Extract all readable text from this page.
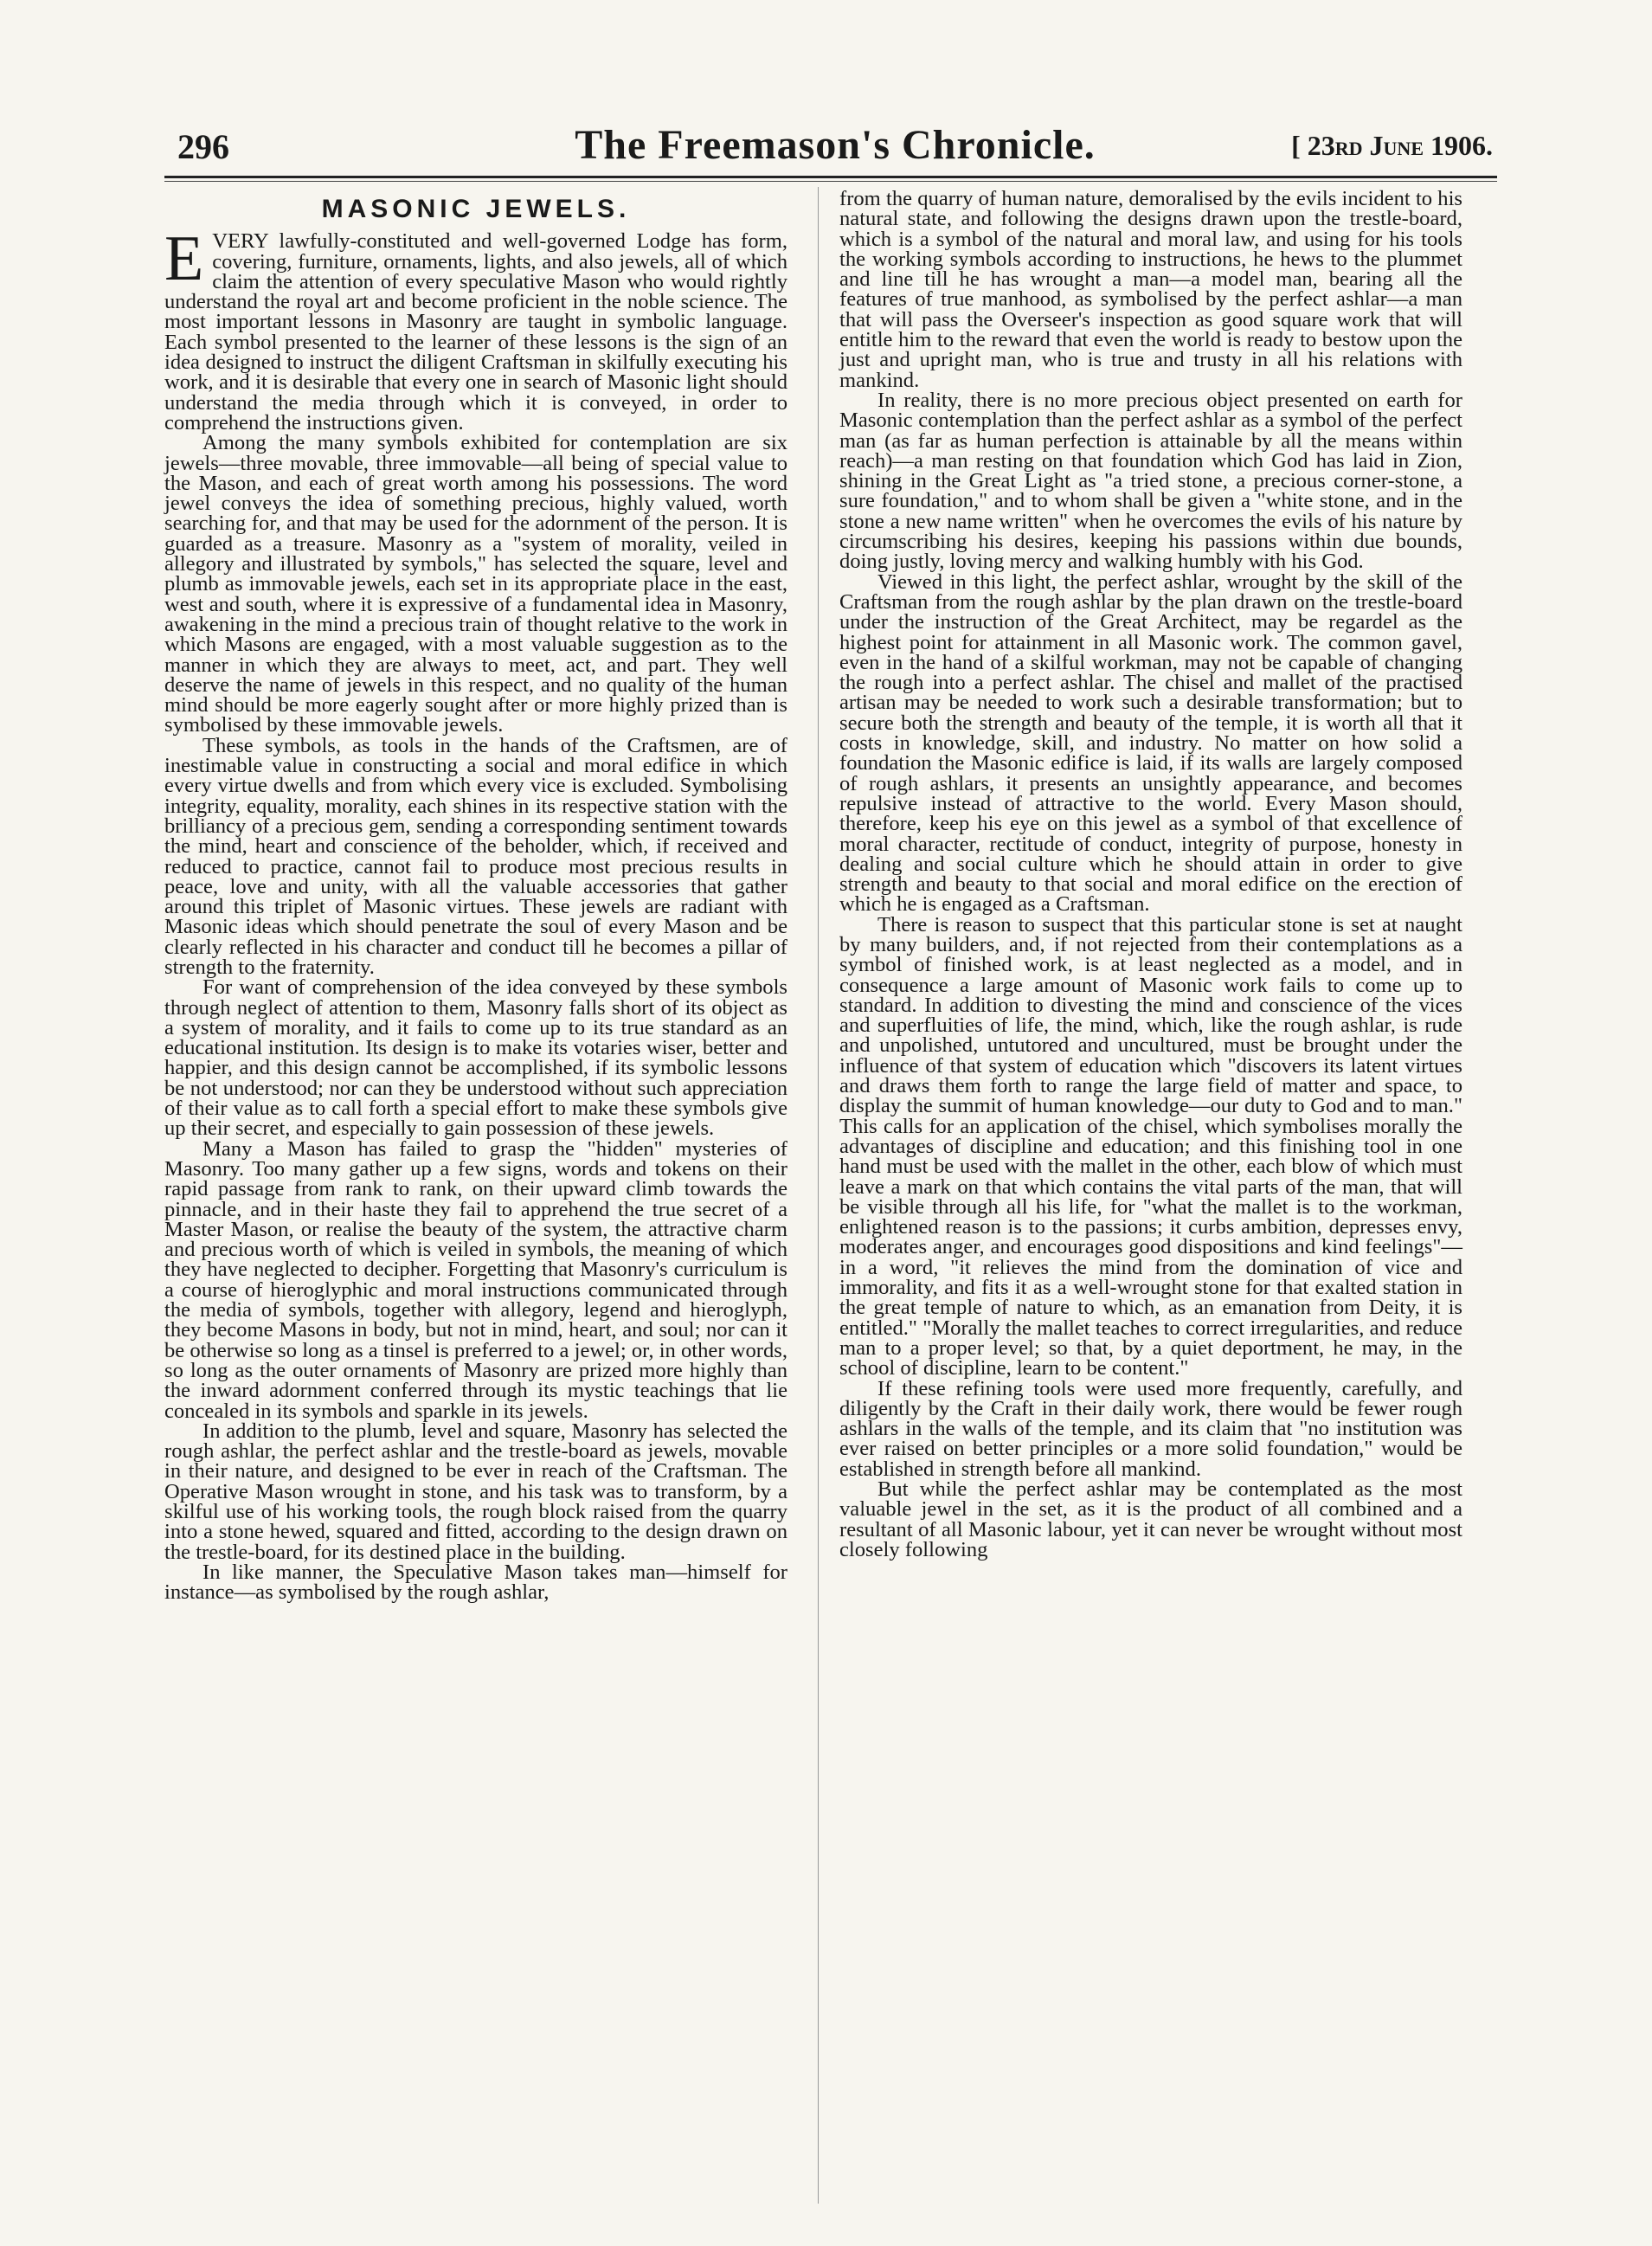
296	The Freemason's Chronicle.	[ 23rd June 1906.
MASONIC JEWELS.

EVERY lawfully-constituted and well-governed Lodge has form, covering, furniture, ornaments, lights, and also jewels, all of which claim the attention of every speculative Mason who would rightly understand the royal art and become proficient in the noble science. The most important lessons in Masonry are taught in symbolic language. Each symbol presented to the learner of these lessons is the sign of an idea designed to instruct the diligent Craftsman in skilfully executing his work, and it is desirable that every one in search of Masonic light should understand the media through which it is conveyed, in order to comprehend the instructions given.

Among the many symbols exhibited for contemplation are six jewels—three movable, three immovable—all being of special value to the Mason, and each of great worth among his possessions. The word jewel conveys the idea of something precious, highly valued, worth searching for, and that may be used for the adornment of the person. It is guarded as a treasure. Masonry as a "system of morality, veiled in allegory and illustrated by symbols," has selected the square, level and plumb as immovable jewels, each set in its appropriate place in the east, west and south, where it is expressive of a fundamental idea in Masonry, awakening in the mind a precious train of thought relative to the work in which Masons are engaged, with a most valuable suggestion as to the manner in which they are always to meet, act, and part. They well deserve the name of jewels in this respect, and no quality of the human mind should be more eagerly sought after or more highly prized than is symbolised by these immovable jewels.

These symbols, as tools in the hands of the Craftsmen, are of inestimable value in constructing a social and moral edifice in which every virtue dwells and from which every vice is excluded. Symbolising integrity, equality, morality, each shines in its respective station with the brilliancy of a precious gem, sending a corresponding sentiment towards the mind, heart and conscience of the beholder, which, if received and reduced to practice, cannot fail to produce most precious results in peace, love and unity, with all the valuable accessories that gather around this triplet of Masonic virtues. These jewels are radiant with Masonic ideas which should penetrate the soul of every Mason and be clearly reflected in his character and conduct till he becomes a pillar of strength to the fraternity.

For want of comprehension of the idea conveyed by these symbols through neglect of attention to them, Masonry falls short of its object as a system of morality, and it fails to come up to its true standard as an educational institution. Its design is to make its votaries wiser, better and happier, and this design cannot be accomplished, if its symbolic lessons be not understood; nor can they be understood without such appreciation of their value as to call forth a special effort to make these symbols give up their secret, and especially to gain possession of these jewels.

Many a Mason has failed to grasp the "hidden" mysteries of Masonry. Too many gather up a few signs, words and tokens on their rapid passage from rank to rank, on their upward climb towards the pinnacle, and in their haste they fail to apprehend the true secret of a Master Mason, or realise the beauty of the system, the attractive charm and precious worth of which is veiled in symbols, the meaning of which they have neglected to decipher. Forgetting that Masonry's curriculum is a course of hieroglyphic and moral instructions communicated through the media of symbols, together with allegory, legend and hieroglyph, they become Masons in body, but not in mind, heart, and soul; nor can it be otherwise so long as a tinsel is preferred to a jewel; or, in other words, so long as the outer ornaments of Masonry are prized more highly than the inward adornment conferred through its mystic teachings that lie concealed in its symbols and sparkle in its jewels.

In addition to the plumb, level and square, Masonry has selected the rough ashlar, the perfect ashlar and the trestle-board as jewels, movable in their nature, and designed to be ever in reach of the Craftsman. The Operative Mason wrought in stone, and his task was to transform, by a skilful use of his working tools, the rough block raised from the quarry into a stone hewed, squared and fitted, according to the design drawn on the trestle-board, for its destined place in the building.

In like manner, the Speculative Mason takes man—himself for instance—as symbolised by the rough ashlar,

from the quarry of human nature, demoralised by the evils incident to his natural state, and following the designs drawn upon the trestle-board, which is a symbol of the natural and moral law, and using for his tools the working symbols according to instructions, he hews to the plummet and line till he has wrought a man—a model man, bearing all the features of true manhood, as symbolised by the perfect ashlar—a man that will pass the Overseer's inspection as good square work that will entitle him to the reward that even the world is ready to bestow upon the just and upright man, who is true and trusty in all his relations with mankind.

In reality, there is no more precious object presented on earth for Masonic contemplation than the perfect ashlar as a symbol of the perfect man (as far as human perfection is attainable by all the means within reach)—a man resting on that foundation which God has laid in Zion, shining in the Great Light as "a tried stone, a precious corner-stone, a sure foundation," and to whom shall be given a "white stone, and in the stone a new name written" when he overcomes the evils of his nature by circumscribing his desires, keeping his passions within due bounds, doing justly, loving mercy and walking humbly with his God.

Viewed in this light, the perfect ashlar, wrought by the skill of the Craftsman from the rough ashlar by the plan drawn on the trestle-board under the instruction of the Great Architect, may be regardel as the highest point for attainment in all Masonic work. The common gavel, even in the hand of a skilful workman, may not be capable of changing the rough into a perfect ashlar. The chisel and mallet of the practised artisan may be needed to work such a desirable transformation; but to secure both the strength and beauty of the temple, it is worth all that it costs in knowledge, skill, and industry. No matter on how solid a foundation the Masonic edifice is laid, if its walls are largely composed of rough ashlars, it presents an unsightly appearance, and becomes repulsive instead of attractive to the world. Every Mason should, therefore, keep his eye on this jewel as a symbol of that excellence of moral character, rectitude of conduct, integrity of purpose, honesty in dealing and social culture which he should attain in order to give strength and beauty to that social and moral edifice on the erection of which he is engaged as a Craftsman.

There is reason to suspect that this particular stone is set at naught by many builders, and, if not rejected from their contemplations as a symbol of finished work, is at least neglected as a model, and in consequence a large amount of Masonic work fails to come up to standard. In addition to divesting the mind and conscience of the vices and superfluities of life, the mind, which, like the rough ashlar, is rude and unpolished, untutored and uncultured, must be brought under the influence of that system of education which "discovers its latent virtues and draws them forth to range the large field of matter and space, to display the summit of human knowledge—our duty to God and to man." This calls for an application of the chisel, which symbolises morally the advantages of discipline and education; and this finishing tool in one hand must be used with the mallet in the other, each blow of which must leave a mark on that which contains the vital parts of the man, that will be visible through all his life, for "what the mallet is to the workman, enlightened reason is to the passions; it curbs ambition, depresses envy, moderates anger, and encourages good dispositions and kind feelings"—in a word, "it relieves the mind from the domination of vice and immorality, and fits it as a well-wrought stone for that exalted station in the great temple of nature to which, as an emanation from Deity, it is entitled." "Morally the mallet teaches to correct irregularities, and reduce man to a proper level; so that, by a quiet deportment, he may, in the school of discipline, learn to be content."

If these refining tools were used more frequently, carefully, and diligently by the Craft in their daily work, there would be fewer rough ashlars in the walls of the temple, and its claim that "no institution was ever raised on better principles or a more solid foundation," would be established in strength before all mankind.

But while the perfect ashlar may be contemplated as the most valuable jewel in the set, as it is the product of all combined and a resultant of all Masonic labour, yet it can never be wrought without most closely following
